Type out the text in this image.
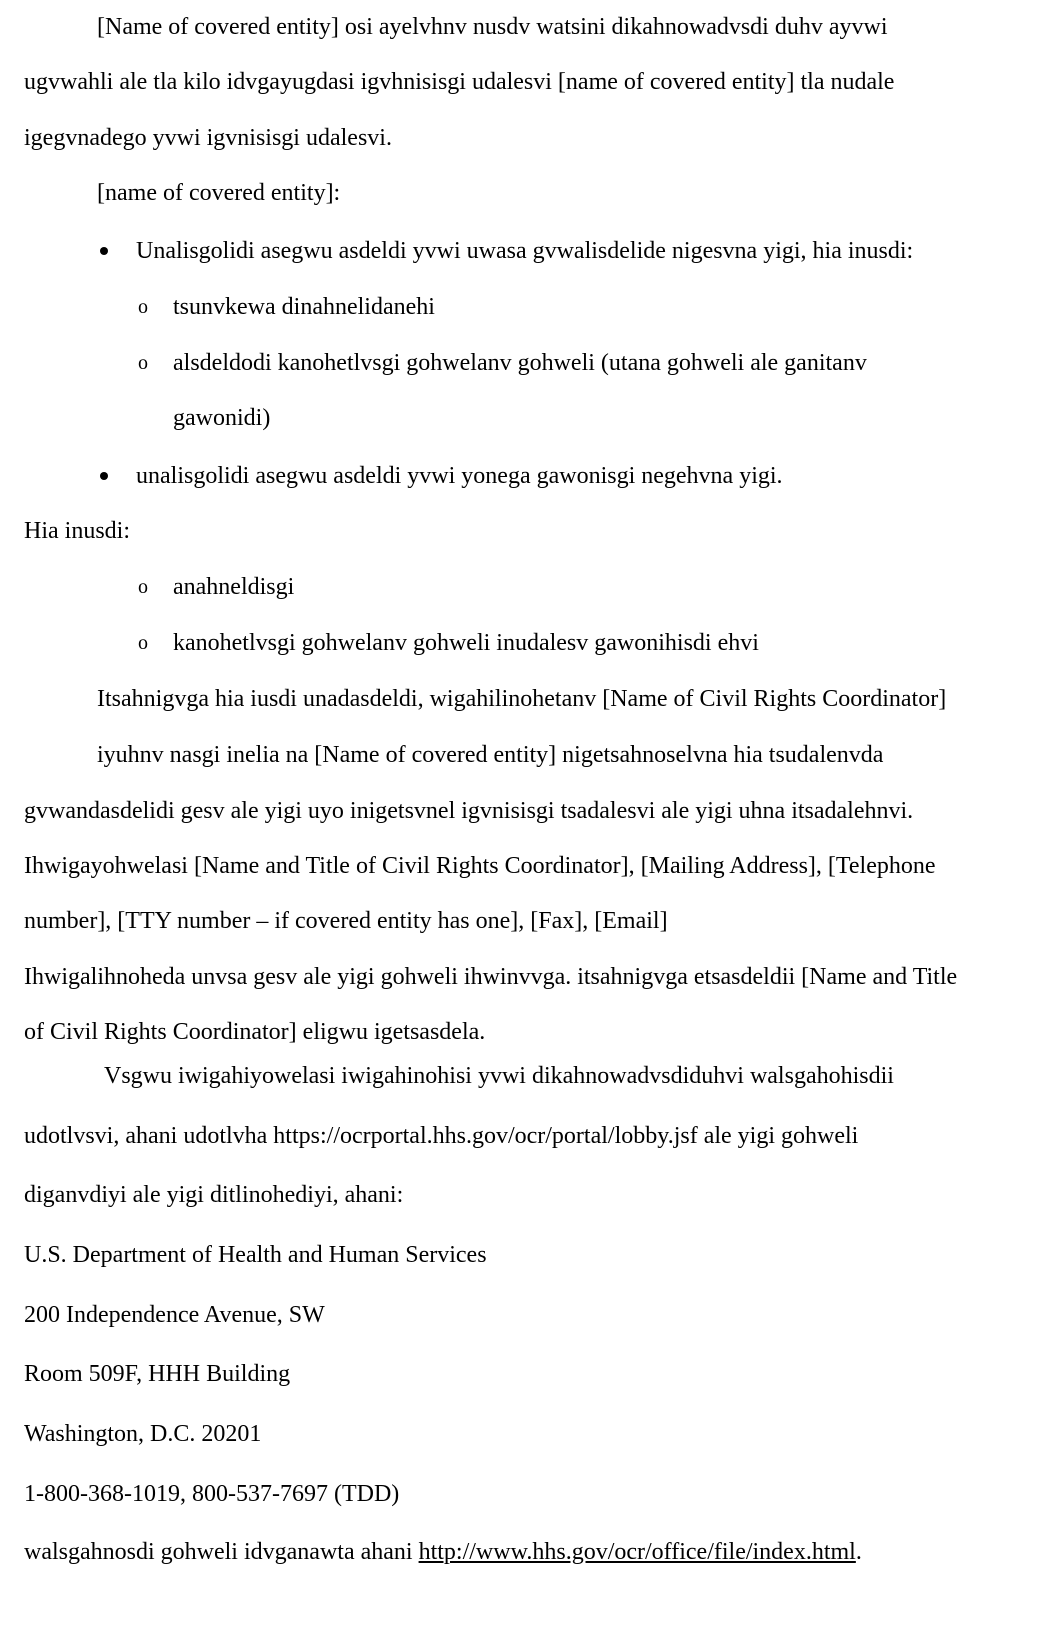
[Name of covered entity] osi ayelvhnv nusdv watsini dikahnowadvsdi duhv ayvwi
ugvwahli ale tla kilo idvgayugdasi igvhnisisgi udalesvi [name of covered entity] tla nudale
igegvnadego yvwi igvnisisgi udalesvi.
[name of covered entity]:
Unalisgolidi asegwu asdeldi yvwi uwasa gvwalisdelide nigesvna yigi, hia inusdi:
o tsunvkewa dinahnelidanehi
o alsdeldodi kanohetlvsgi gohwelanv gohweli (utana gohweli ale ganitanv
gawonidi)
unalisgolidi asegwu asdeldi yvwi yonega gawonisgi negehvna yigi.
Hia inusdi:
o anahneldisgi
o kanohetlvsgi gohwelanv gohweli inudalesv gawonihisdi ehvi
Itsahnigvga hia iusdi unadasdeldi, wigahilinohetanv [Name of Civil Rights Coordinator]
iyuhnv nasgi inelia na [Name of covered entity] nigetsahnoselvna hia tsudalenvda
gvwandasdelidi gesv ale yigi uyo inigetsvnel igvnisisgi tsadalesvi ale yigi uhna itsadalehnvi.
Ihwigayohwelasi [Name and Title of Civil Rights Coordinator], [Mailing Address], [Telephone
number], [TTY number – if covered entity has one], [Fax], [Email]
Ihwigalihnoheda unvsa gesv ale yigi gohweli ihwinvvga. itsahnigvga etsasdeldii [Name and Title
of Civil Rights Coordinator] eligwu igetsasdela.
Vsgwu iwigahiyowelasi iwigahinohisi yvwi dikahnowadvsdiduhvi walsgahohisdii
udotlvsvi, ahani udotlvha https://ocrportal.hhs.gov/ocr/portal/lobby.jsf ale yigi gohweli
diganvdiyi ale yigi ditlinohediyi, ahani:
U.S. Department of Health and Human Services
200 Independence Avenue, SW
Room 509F, HHH Building
Washington, D.C. 20201
1-800-368-1019, 800-537-7697 (TDD)
walsgahnosdi gohweli idvganawta ahani http://www.hhs.gov/ocr/office/file/index.html.
